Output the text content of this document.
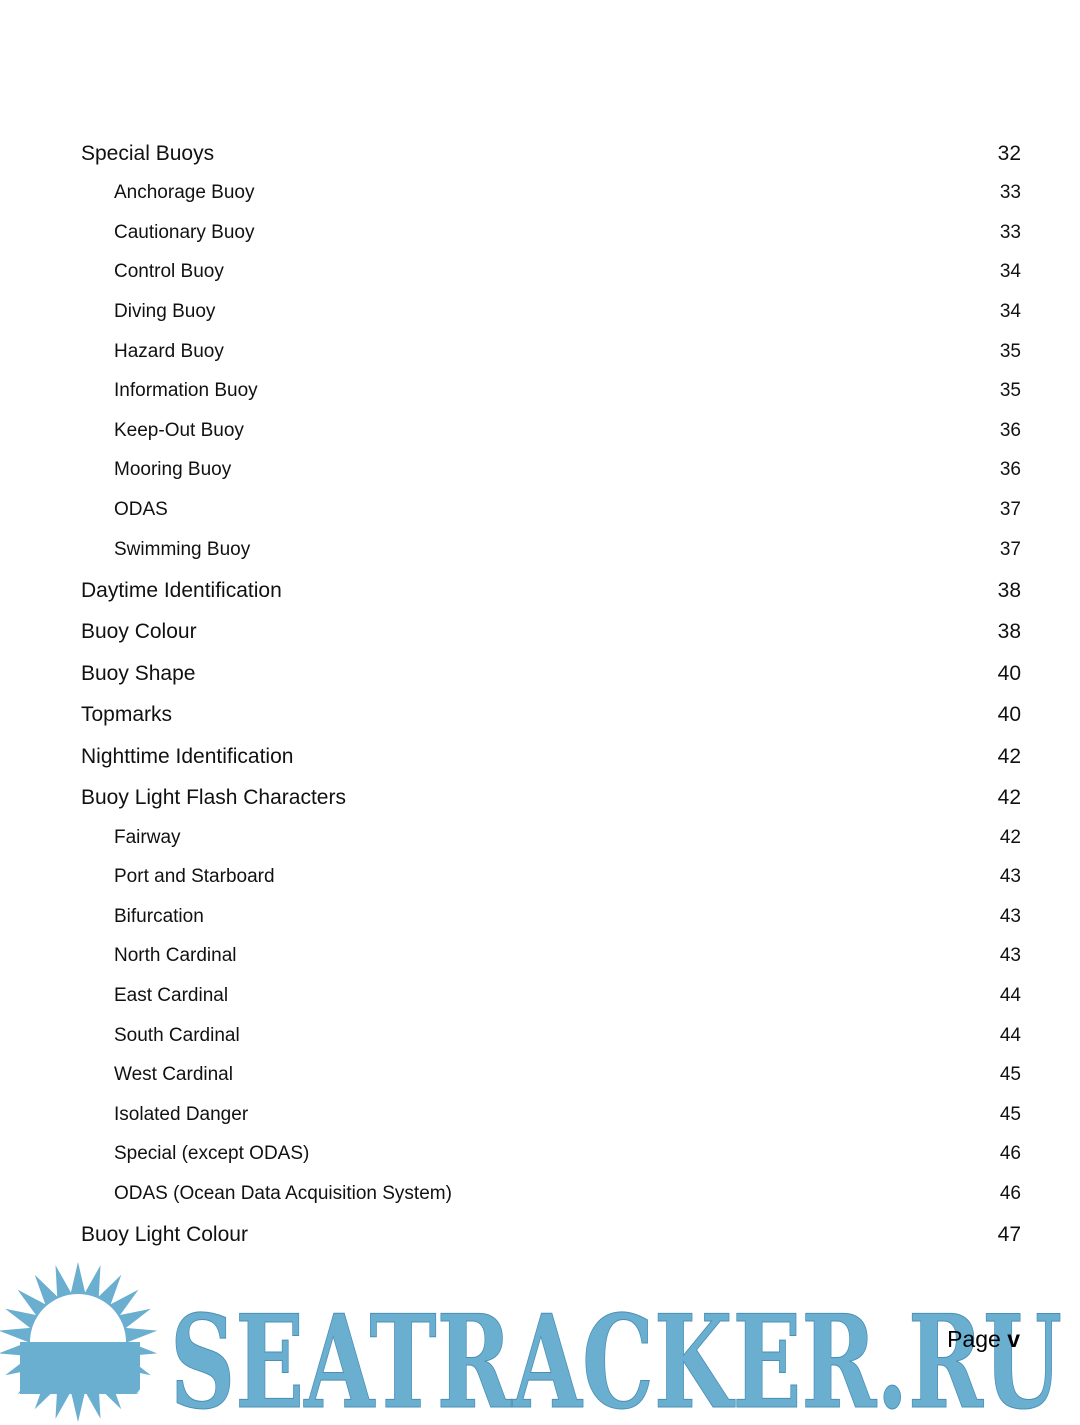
Special Buoys	32
Anchorage Buoy	33
Cautionary Buoy	33
Control Buoy	34
Diving Buoy	34
Hazard Buoy	35
Information Buoy	35
Keep-Out Buoy	36
Mooring Buoy	36
ODAS	37
Swimming Buoy	37
Daytime Identification	38
Buoy Colour	38
Buoy Shape	40
Topmarks	40
Nighttime Identification	42
Buoy Light Flash Characters	42
Fairway	42
Port and Starboard	43
Bifurcation	43
North Cardinal	43
East Cardinal	44
South Cardinal	44
West Cardinal	45
Isolated Danger	45
Special (except ODAS)	46
ODAS (Ocean Data Acquisition System)	46
Buoy Light Colour	47
SEATRACKER.RU
Page v
